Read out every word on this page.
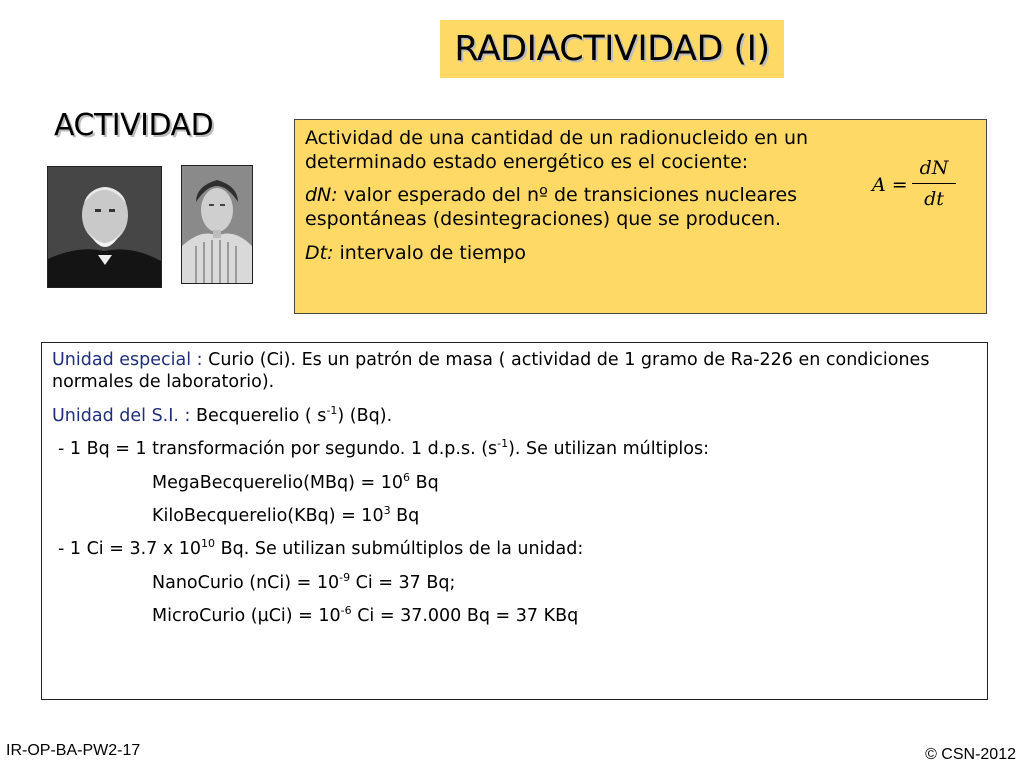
RADIACTIVIDAD (I)
ACTIVIDAD	Actividad de una cantidad de un radionucleido en un determinado estado energético es el cociente:

dN: valor esperado del nº de transiciones nucleares espontáneas (desintegraciones) que se producen.

Dt: intervalo de tiempo

A =
dN
dt

Unidad especial : Curio (Ci). Es un patrón de masa ( actividad de 1 gramo de Ra-226 en condiciones normales de laboratorio).

Unidad del S.I. : Becquerelio ( $s^{-1}$) (Bq).

- 1 Bq = 1 transformación por segundo. 1 d.p.s. $(s^{-1})$. Se utilizan múltiplos:

MegaBecquerelio(MBq) = $10^6$ Bq

KiloBecquerelio(KBq) = $10^3$ Bq

- 1 Ci = 3.7 x $10^{10}$ Bq. Se utilizan submúltiplos de la unidad:

NanoCurio $(nCi) = 10^{-9}$ Ci = 37 Bq;

MicroCurio $(\mu Ci) = 10^{-6}$ Ci = 37.000 Bq = 37 KBq

IR-OP-BA-PW2-17	© CSN-2012
